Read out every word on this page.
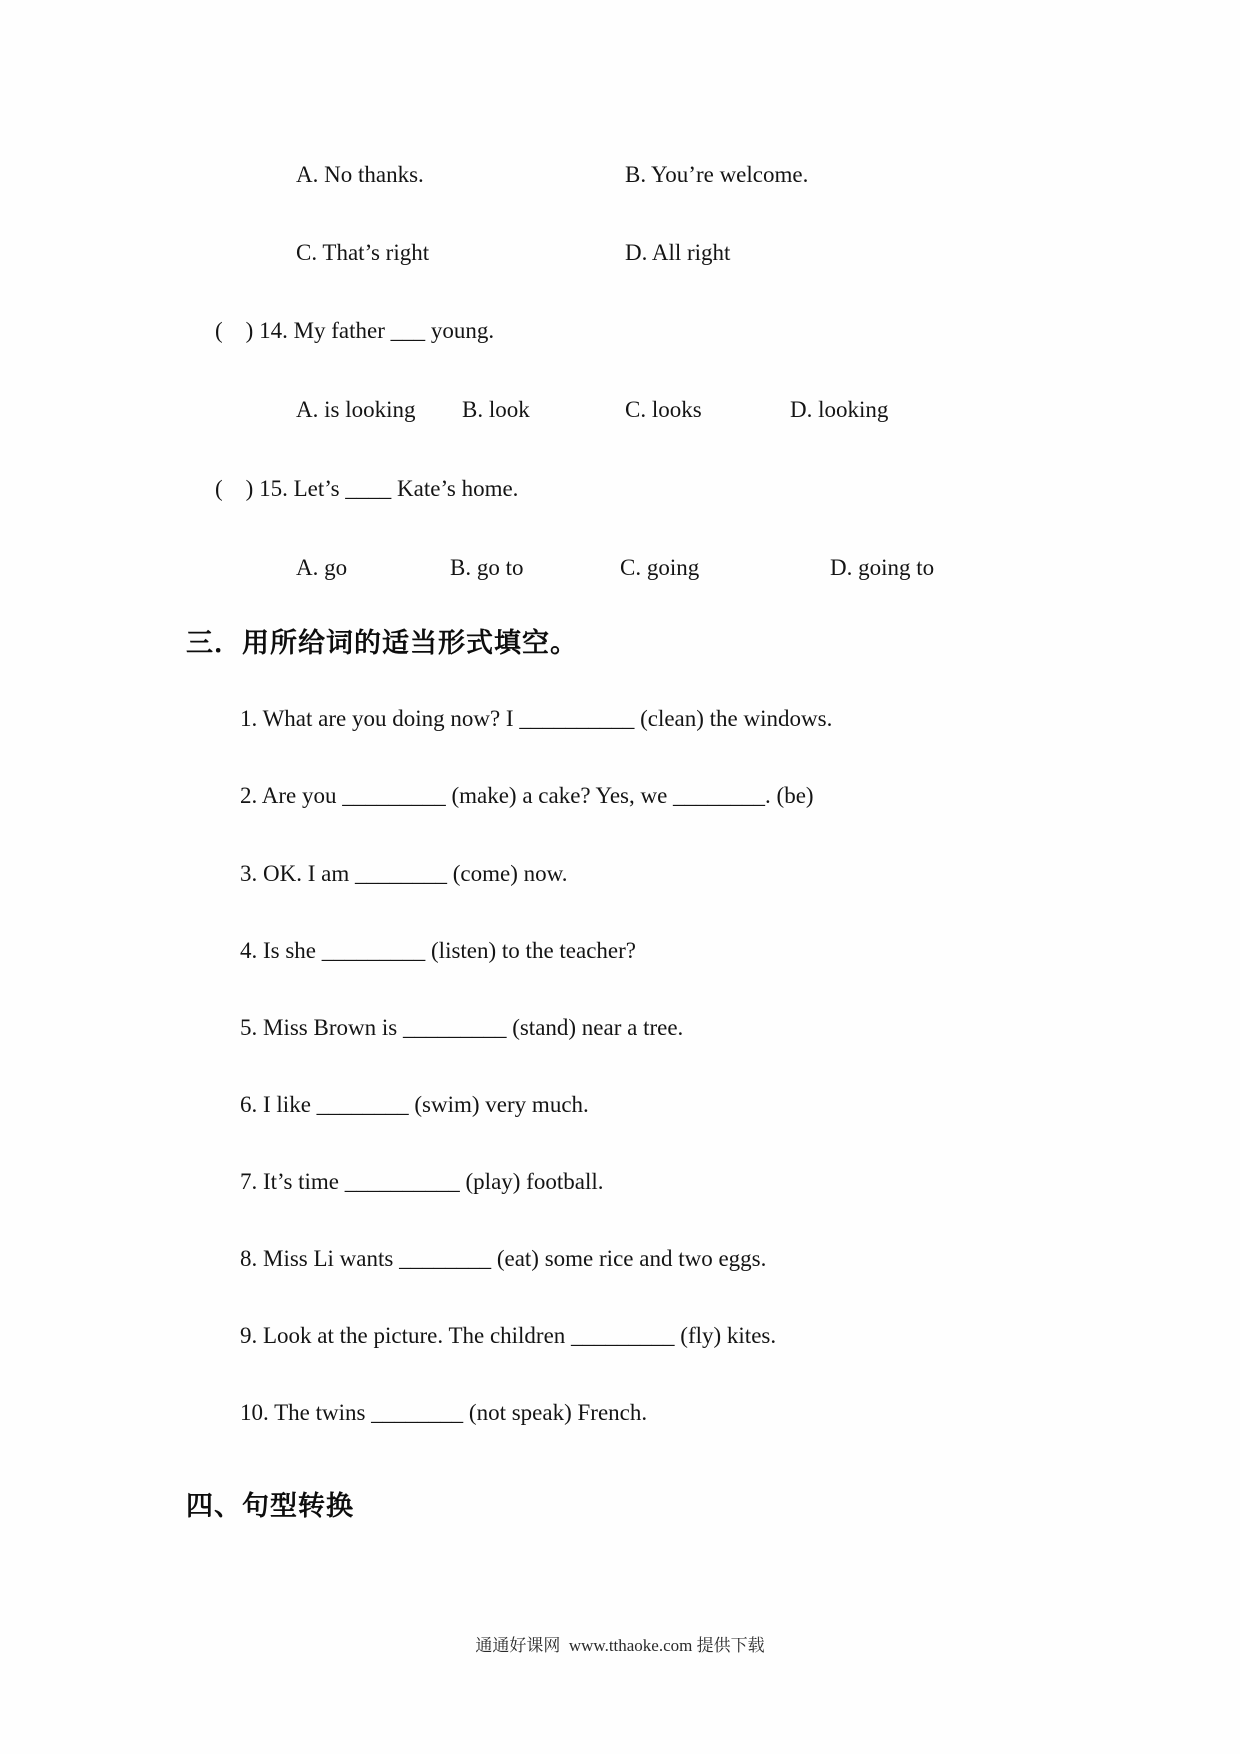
A. No thanks.	B. You’re welcome.
C. That’s right	D. All right
(    ) 14. My father ___ young.
A. is looking B. look	C. looks	D. looking
(    ) 15. Let’s ____ Kate’s home.
A. go	B. go to	C. going	D. going to
三．用所给词的适当形式填空。
1. What are you doing now? I __________ (clean) the windows.
2. Are you _________ (make) a cake? Yes, we ________. (be)
3. OK. I am ________ (come) now.
4. Is she _________ (listen) to the teacher?
5. Miss Brown is _________ (stand) near a tree.
6. I like ________ (swim) very much.
7. It’s time __________ (play) football.
8. Miss Li wants ________ (eat) some rice and two eggs.
9. Look at the picture. The children _________ (fly) kites.
10. The twins ________ (not speak) French.
四、句型转换
通通好课网  www.tthaoke.com 提供下载
